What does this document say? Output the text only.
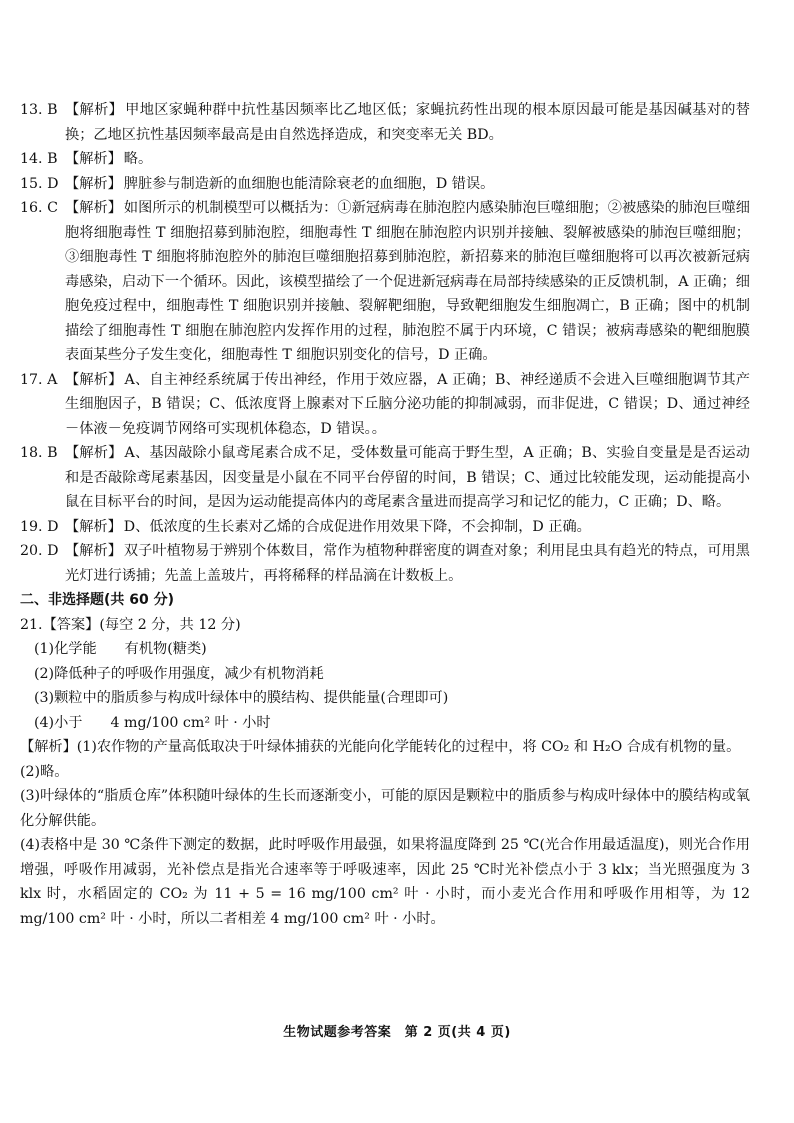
13. B 【解析】 甲地区家蝇种群中抗性基因频率比乙地区低；家蝇抗药性出现的根本原因最可能是基因碱基对的替换；乙地区抗性基因频率最高是由自然选择造成，和突变率无关 BD。

14. B 【解析】 略。

15. D 【解析】 脾脏参与制造新的血细胞也能清除衰老的血细胞，D 错误。

16. C 【解析】 如图所示的机制模型可以概括为：①新冠病毒在肺泡腔内感染肺泡巨噬细胞；②被感染的肺泡巨噬细胞将细胞毒性 T 细胞招募到肺泡腔，细胞毒性 T 细胞在肺泡腔内识别并接触、裂解被感染的肺泡巨噬细胞；③细胞毒性 T 细胞将肺泡腔外的肺泡巨噬细胞招募到肺泡腔，新招募来的肺泡巨噬细胞将可以再次被新冠病毒感染，启动下一个循环。因此，该模型描绘了一个促进新冠病毒在局部持续感染的正反馈机制，A 正确；细胞免疫过程中，细胞毒性 T 细胞识别并接触、裂解靶细胞，导致靶细胞发生细胞凋亡，B 正确；图中的机制描绘了细胞毒性 T 细胞在肺泡腔内发挥作用的过程，肺泡腔不属于内环境，C 错误；被病毒感染的靶细胞膜表面某些分子发生变化，细胞毒性 T 细胞识别变化的信号，D 正确。

17. A 【解析】 A、自主神经系统属于传出神经，作用于效应器，A 正确；B、神经递质不会进入巨噬细胞调节其产生细胞因子，B 错误；C、低浓度肾上腺素对下丘脑分泌功能的抑制减弱，而非促进，C 错误；D、通过神经－体液－免疫调节网络可实现机体稳态，D 错误。。

18. B 【解析】 A、基因敲除小鼠鸢尾素合成不足，受体数量可能高于野生型，A 正确；B、实验自变量是是否运动和是否敲除鸢尾素基因，因变量是小鼠在不同平台停留的时间，B 错误；C、通过比较能发现，运动能提高小鼠在目标平台的时间，是因为运动能提高体内的鸢尾素含量进而提高学习和记忆的能力，C 正确；D、略。

19. D 【解析】 D、低浓度的生长素对乙烯的合成促进作用效果下降，不会抑制，D 正确。

20. D 【解析】 双子叶植物易于辨别个体数目，常作为植物种群密度的调查对象；利用昆虫具有趋光的特点，可用黑光灯进行诱捕；先盖上盖玻片，再将稀释的样品滴在计数板上。

二、非选择题(共 60 分)

21.【答案】(每空 2 分，共 12 分)

(1)化学能 有机物(糖类)

(2)降低种子的呼吸作用强度，减少有机物消耗

(3)颗粒中的脂质参与构成叶绿体中的膜结构、提供能量(合理即可)

(4)小于 4 mg/100 cm² 叶 · 小时

【解析】(1)农作物的产量高低取决于叶绿体捕获的光能向化学能转化的过程中，将 CO₂ 和 H₂O 合成有机物的量。

(2)略。

(3)叶绿体的“脂质仓库”体积随叶绿体的生长而逐渐变小，可能的原因是颗粒中的脂质参与构成叶绿体中的膜结构或氧化分解供能。

(4)表格中是 30 ℃条件下测定的数据，此时呼吸作用最强，如果将温度降到 25 ℃(光合作用最适温度)，则光合作用增强，呼吸作用减弱，光补偿点是指光合速率等于呼吸速率，因此 25 ℃时光补偿点小于 3 klx；当光照强度为 3 klx 时，水稻固定的 CO₂ 为 11 + 5 = 16 mg/100 cm² 叶 · 小时，而小麦光合作用和呼吸作用相等，为 12 mg/100 cm² 叶 · 小时，所以二者相差 4 mg/100 cm² 叶 · 小时。

生物试题参考答案　第 2 页(共 4 页)
